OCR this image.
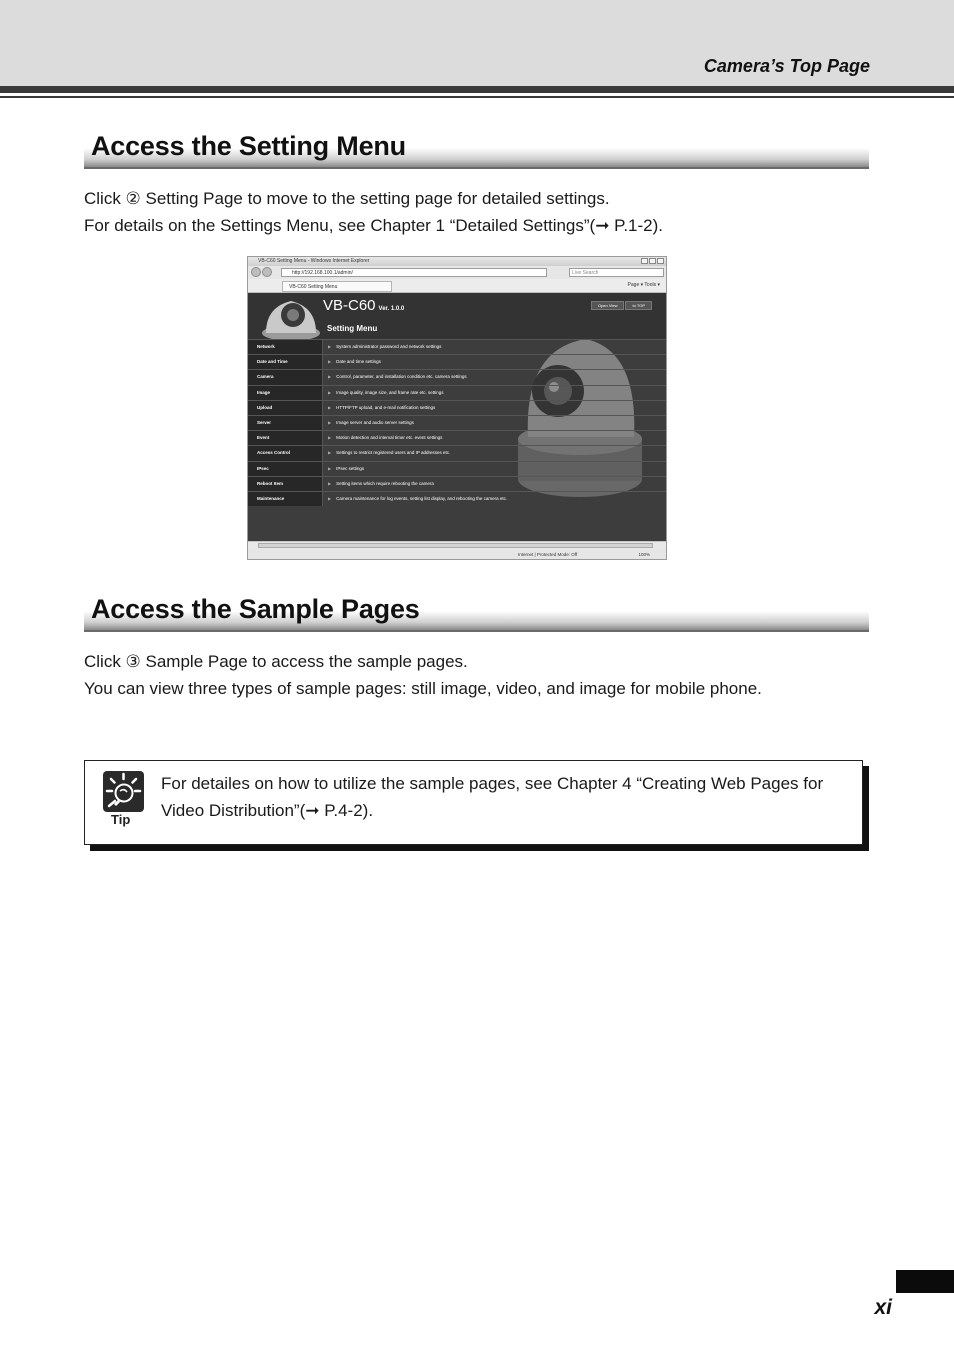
Camera’s Top Page
Access the Setting Menu
Click ② Setting Page to move to the setting page for detailed settings.
For details on the Settings Menu, see Chapter 1 “Detailed Settings”(➞ P.1-2).
VB-C60 Setting Menu - Windows Internet Explorer
http://192.168.100.1/admin/	Live Search
VB-C60 Setting Menu	Page ▾ Tools ▾
VB-C60 Ver. 1.0.0
Setting Menu
Open View	to TOP
Network	▶ System administrator password and network settings
Date and Time	▶ Date and time settings
Camera	▶ Control, parameter, and installation condition etc. camera settings
Image	▶ Image quality, image size, and frame rate etc. settings
Upload	▶ HTTP/FTP upload, and e-mail notification settings
Server	▶ Image server and audio server settings
Event	▶ Motion detection and interval timer etc. event settings
Access Control	▶ Settings to restrict registered users and IP addresses etc.
IPsec	▶ IPsec settings
Reboot Item	▶ Setting items which require rebooting the camera
Maintenance	▶ Camera maintenance for log events, setting list display, and rebooting the camera etc.
Internet | Protected Mode: Off	100%
Access the Sample Pages
Click ③ Sample Page to access the sample pages.
You can view three types of sample pages: still image, video, and image for mobile phone.
Tip
For detailes on how to utilize the sample pages, see Chapter 4 “Creating Web Pages for Video Distribution”(➞ P.4-2).
xi
